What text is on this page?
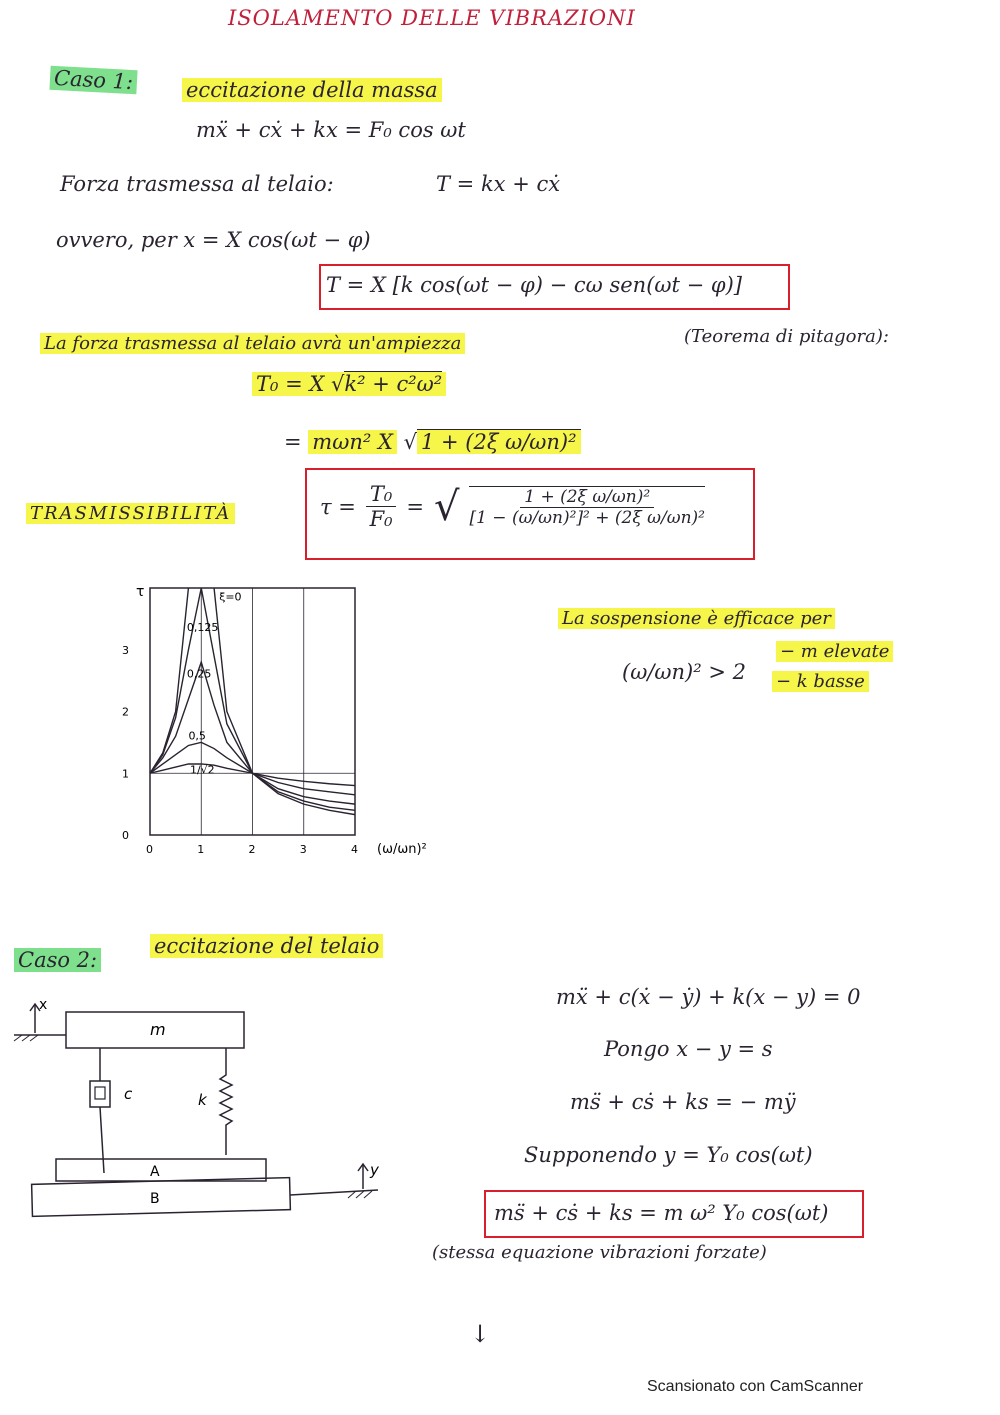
ISOLAMENTO DELLE VIBRAZIONI
Caso 1: eccitazione della massa
mẍ + cẋ + kx = F₀ cos ωt
Forza trasmessa al telaio:	T = kx + cẋ
ovvero, per x = X cos(ωt − φ)
T = X [k cos(ωt − φ) − cω sen(ωt − φ)]
La forza trasmessa al telaio avrà un'ampiezza	(Teorema di pitagora):
T₀ = X √k² + c²ω²
= mωn² X √ 1 + (2ξ ω/ωn)²
TRASMISSIBILITÀ	$\tau = \frac{\text{T₀}}{\text{F₀}}$ = √ $\frac{\text{1 + (2ξ ω/ωn)²}}{\text{[1 − (ω/ωn)²]² + (2ξ ω/ωn)²}}$
τ
0	1	2	3	4
0
1
2
3
(ω/ωn)²
ξ=0
0,125
0,25
0,5
1/√2
La sospensione è efficace per
(ω/ωn)² > 2
− m elevate
− k basse
Caso 2:
eccitazione del telaio
x
m
c	k
A
B
y
mẍ + c(ẋ − ẏ) + k(x − y) = 0
Pongo x − y = s
ms̈ + cṡ + ks = − mÿ
Supponendo y = Y₀ cos(ωt)
ms̈ + cṡ + ks = m ω² Y₀ cos(ωt)
(stessa equazione vibrazioni forzate)
↓
Scansionato con CamScanner
